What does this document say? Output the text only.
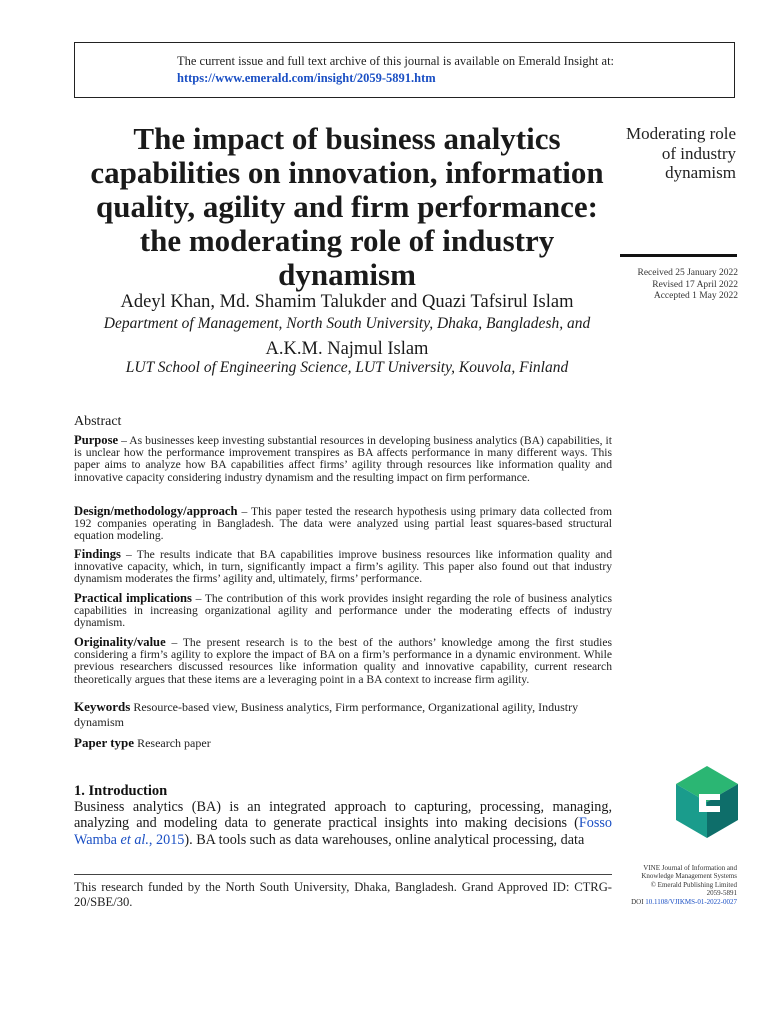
The current issue and full text archive of this journal is available on Emerald Insight at:
https://www.emerald.com/insight/2059-5891.htm
The impact of business analytics capabilities on innovation, information quality, agility and firm performance: the moderating role of industry dynamism
Adeyl Khan, Md. Shamim Talukder and Quazi Tafsirul Islam
Department of Management, North South University, Dhaka, Bangladesh, and
A.K.M. Najmul Islam
LUT School of Engineering Science, LUT University, Kouvola, Finland
Moderating role of industry dynamism
Received 25 January 2022
Revised 17 April 2022
Accepted 1 May 2022
Abstract
Purpose – As businesses keep investing substantial resources in developing business analytics (BA) capabilities, it is unclear how the performance improvement transpires as BA affects performance in many different ways. This paper aims to analyze how BA capabilities affect firms’ agility through resources like information quality and innovative capacity considering industry dynamism and the resulting impact on firm performance.
Design/methodology/approach – This paper tested the research hypothesis using primary data collected from 192 companies operating in Bangladesh. The data were analyzed using partial least squares-based structural equation modeling.
Findings – The results indicate that BA capabilities improve business resources like information quality and innovative capacity, which, in turn, significantly impact a firm’s agility. This paper also found out that industry dynamism moderates the firms’ agility and, ultimately, firms’ performance.
Practical implications – The contribution of this work provides insight regarding the role of business analytics capabilities in increasing organizational agility and performance under the moderating effects of industry dynamism.
Originality/value – The present research is to the best of the authors’ knowledge among the first studies considering a firm’s agility to explore the impact of BA on a firm’s performance in a dynamic environment. While previous researchers discussed resources like information quality and innovative capability, current research theoretically argues that these items are a leveraging point in a BA context to increase firm agility.
Keywords Resource-based view, Business analytics, Firm performance, Organizational agility, Industry dynamism
Paper type Research paper
1. Introduction
Business analytics (BA) is an integrated approach to capturing, processing, managing, analyzing and modeling data to generate practical insights into making decisions (Fosso Wamba et al., 2015). BA tools such as data warehouses, online analytical processing, data
This research funded by the North South University, Dhaka, Bangladesh. Grand Approved ID: CTRG-20/SBE/30.
VINE Journal of Information and Knowledge Management Systems
© Emerald Publishing Limited
2059-5891
DOI 10.1108/VJIKMS-01-2022-0027
